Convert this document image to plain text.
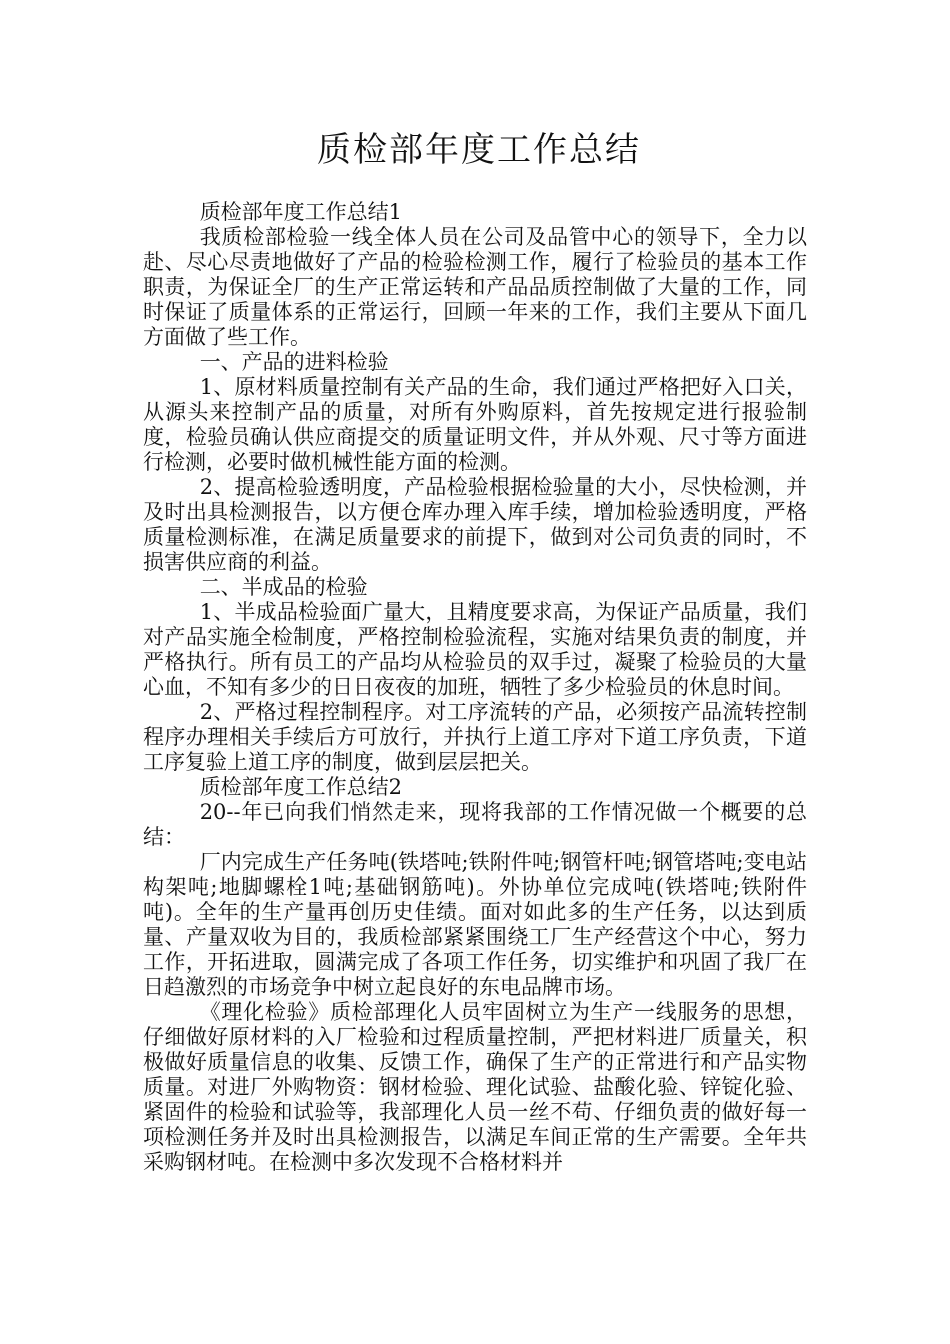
质检部年度工作总结

质检部年度工作总结1

我质检部检验一线全体人员在公司及品管中心的领导下，全力以赴、尽心尽责地做好了产品的检验检测工作，履行了检验员的基本工作职责，为保证全厂的生产正常运转和产品品质控制做了大量的工作，同时保证了质量体系的正常运行，回顾一年来的工作，我们主要从下面几方面做了些工作。

一、产品的进料检验

1、原材料质量控制有关产品的生命，我们通过严格把好入口关，从源头来控制产品的质量，对所有外购原料，首先按规定进行报验制度，检验员确认供应商提交的质量证明文件，并从外观、尺寸等方面进行检测，必要时做机械性能方面的检测。

2、提高检验透明度，产品检验根据检验量的大小，尽快检测，并及时出具检测报告，以方便仓库办理入库手续，增加检验透明度，严格质量检测标准，在满足质量要求的前提下，做到对公司负责的同时，不损害供应商的利益。

二、半成品的检验

1、半成品检验面广量大，且精度要求高，为保证产品质量，我们对产品实施全检制度，严格控制检验流程，实施对结果负责的制度，并严格执行。所有员工的产品均从检验员的双手过，凝聚了检验员的大量心血，不知有多少的日日夜夜的加班，牺牲了多少检验员的休息时间。

2、严格过程控制程序。对工序流转的产品，必须按产品流转控制程序办理相关手续后方可放行，并执行上道工序对下道工序负责，下道工序复验上道工序的制度，做到层层把关。

质检部年度工作总结2

20--年已向我们悄然走来，现将我部的工作情况做一个概要的总结：

厂内完成生产任务吨(铁塔吨;铁附件吨;钢管杆吨;钢管塔吨;变电站构架吨;地脚螺栓1吨;基础钢筋吨)。外协单位完成吨(铁塔吨;铁附件吨)。全年的生产量再创历史佳绩。面对如此多的生产任务，以达到质量、产量双收为目的，我质检部紧紧围绕工厂生产经营这个中心，努力工作，开拓进取，圆满完成了各项工作任务，切实维护和巩固了我厂在日趋激烈的市场竞争中树立起良好的东电品牌市场。

《理化检验》质检部理化人员牢固树立为生产一线服务的思想，仔细做好原材料的入厂检验和过程质量控制，严把材料进厂质量关，积极做好质量信息的收集、反馈工作，确保了生产的正常进行和产品实物质量。对进厂外购物资：钢材检验、理化试验、盐酸化验、锌锭化验、紧固件的检验和试验等，我部理化人员一丝不苟、仔细负责的做好每一项检测任务并及时出具检测报告，以满足车间正常的生产需要。全年共采购钢材吨。在检测中多次发现不合格材料并
